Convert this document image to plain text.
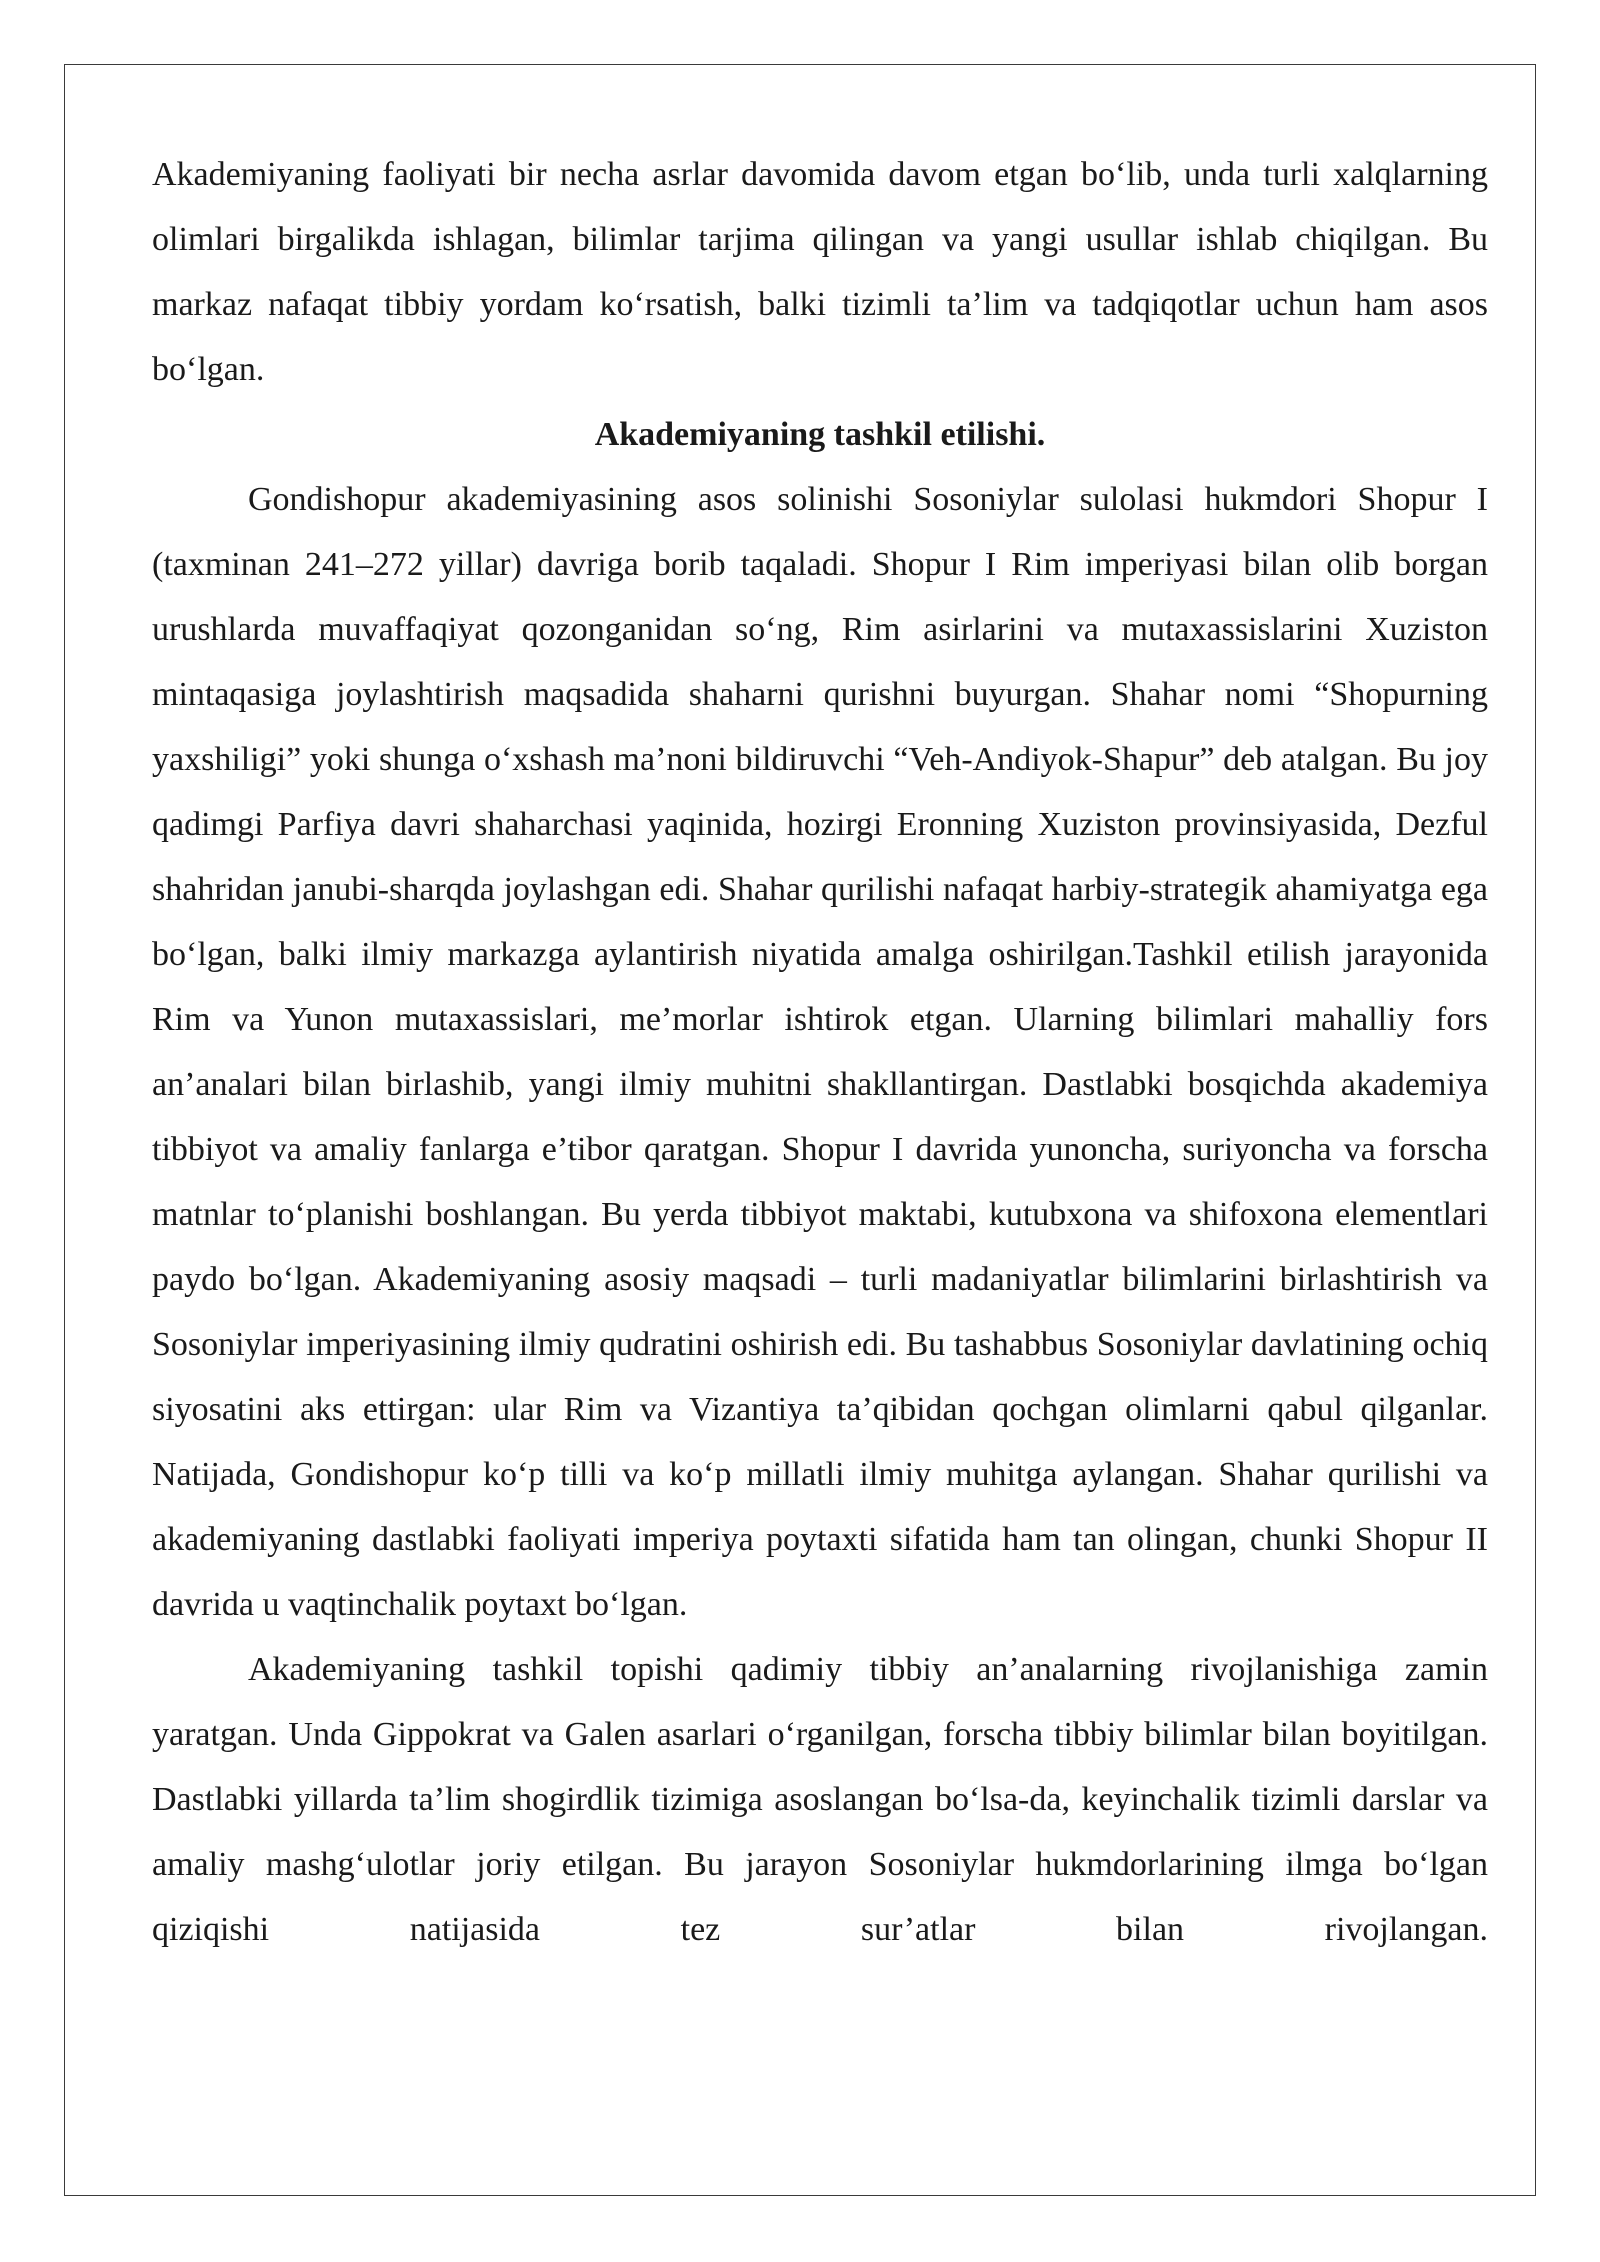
Akademiyaning faoliyati bir necha asrlar davomida davom etgan bo‘lib, unda turli xalqlarning olimlari birgalikda ishlagan, bilimlar tarjima qilingan va yangi usullar ishlab chiqilgan. Bu markaz nafaqat tibbiy yordam ko‘rsatish, balki tizimli ta’lim va tadqiqotlar uchun ham asos bo‘lgan.

Akademiyaning tashkil etilishi.

Gondishopur akademiyasining asos solinishi Sosoniylar sulolasi hukmdori Shopur I (taxminan 241–272 yillar) davriga borib taqaladi. Shopur I Rim imperiyasi bilan olib borgan urushlarda muvaffaqiyat qozonganidan so‘ng, Rim asirlarini va mutaxassislarini Xuziston mintaqasiga joylashtirish maqsadida shaharni qurishni buyurgan. Shahar nomi “Shopurning yaxshiligi” yoki shunga o‘xshash ma’noni bildiruvchi “Veh-Andiyok-Shapur” deb atalgan. Bu joy qadimgi Parfiya davri shaharchasi yaqinida, hozirgi Eronning Xuziston provinsiyasida, Dezful shahridan janubi-sharqda joylashgan edi. Shahar qurilishi nafaqat harbiy-strategik ahamiyatga ega bo‘lgan, balki ilmiy markazga aylantirish niyatida amalga oshirilgan.Tashkil etilish jarayonida Rim va Yunon mutaxassislari, me’morlar ishtirok etgan. Ularning bilimlari mahalliy fors an’analari bilan birlashib, yangi ilmiy muhitni shakllantirgan. Dastlabki bosqichda akademiya tibbiyot va amaliy fanlarga e’tibor qaratgan. Shopur I davrida yunoncha, suriyoncha va forscha matnlar to‘planishi boshlangan. Bu yerda tibbiyot maktabi, kutubxona va shifoxona elementlari paydo bo‘lgan. Akademiyaning asosiy maqsadi – turli madaniyatlar bilimlarini birlashtirish va Sosoniylar imperiyasining ilmiy qudratini oshirish edi. Bu tashabbus Sosoniylar davlatining ochiq siyosatini aks ettirgan: ular Rim va Vizantiya ta’qibidan qochgan olimlarni qabul qilganlar. Natijada, Gondishopur ko‘p tilli va ko‘p millatli ilmiy muhitga aylangan. Shahar qurilishi va akademiyaning dastlabki faoliyati imperiya poytaxti sifatida ham tan olingan, chunki Shopur II davrida u vaqtinchalik poytaxt bo‘lgan.

Akademiyaning tashkil topishi qadimiy tibbiy an’analarning rivojlanishiga zamin yaratgan. Unda Gippokrat va Galen asarlari o‘rganilgan, forscha tibbiy bilimlar bilan boyitilgan. Dastlabki yillarda ta’lim shogirdlik tizimiga asoslangan bo‘lsa-da, keyinchalik tizimli darslar va amaliy mashg‘ulotlar joriy etilgan. Bu jarayon Sosoniylar hukmdorlarining ilmga bo‘lgan qiziqishi natijasida tez sur’atlar bilan rivojlangan.
